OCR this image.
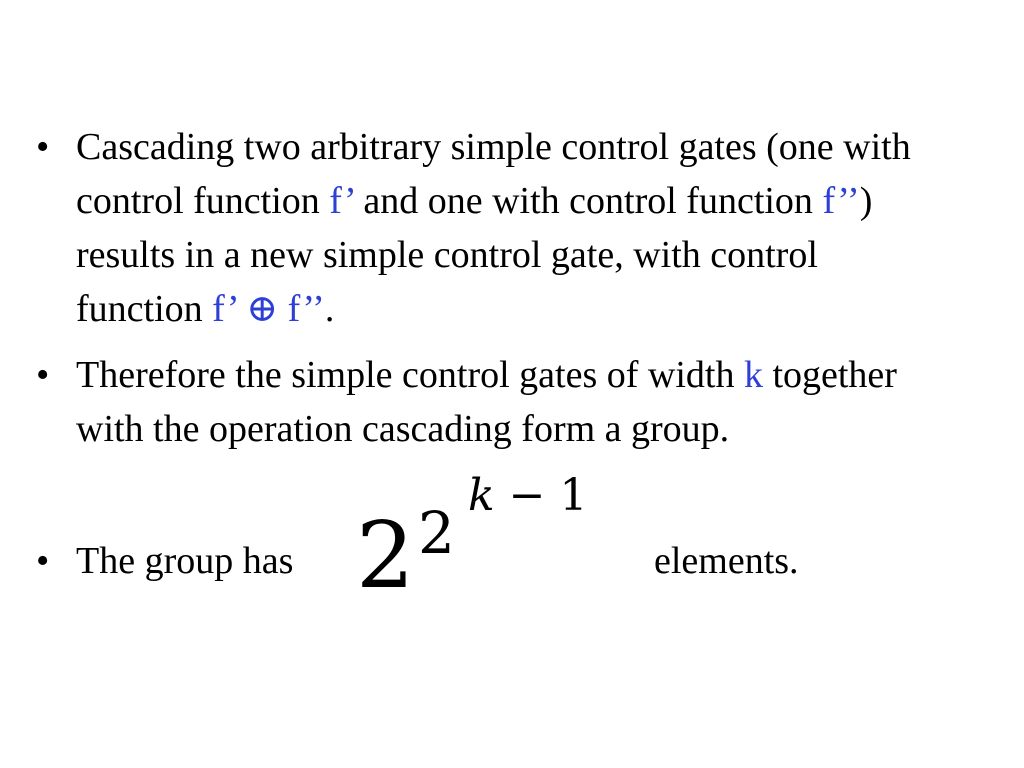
• Cascading two arbitrary simple control gates (one with control function f’ and one with control function f’’) results in a new simple control gate, with control function f’ ⊕ f’’.
• Therefore the simple control gates of width k together with the operation cascading form a group.
• The group has 2 2
k − 1
elements.
